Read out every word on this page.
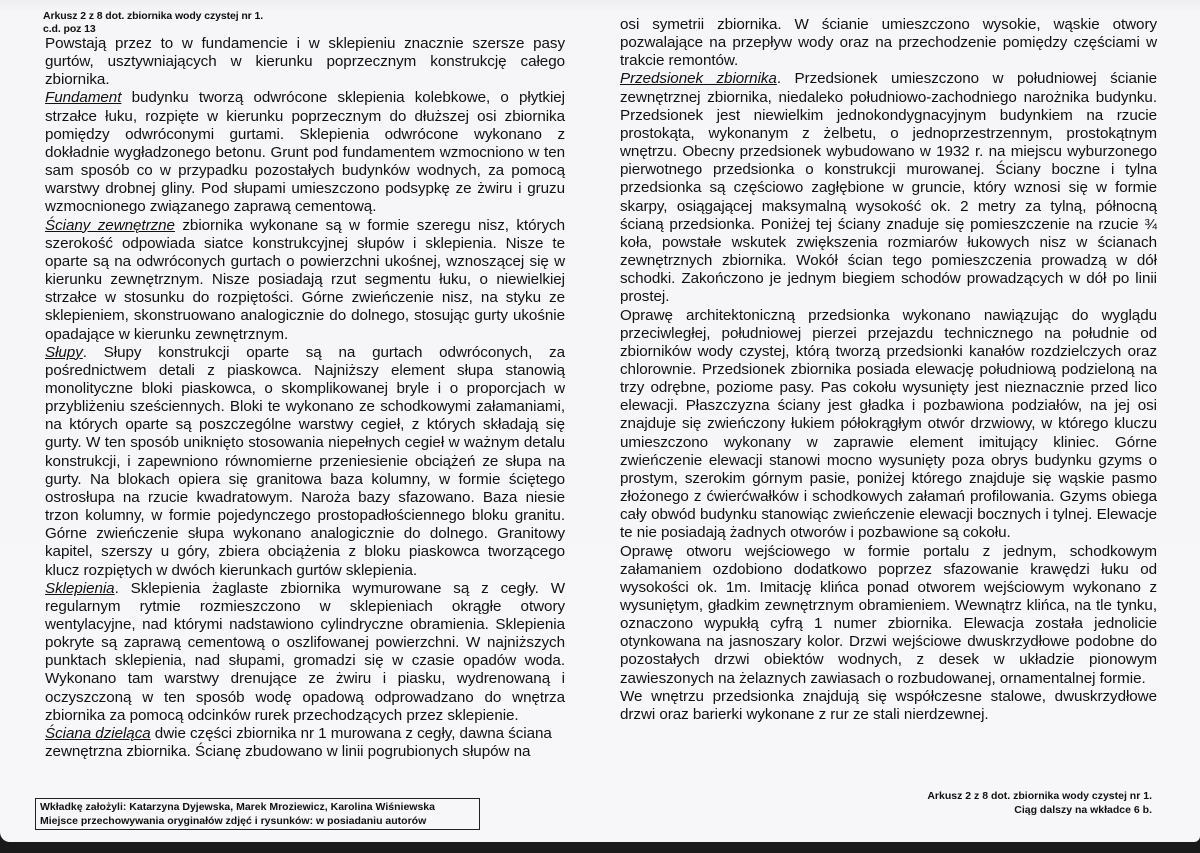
Arkusz 2 z 8 dot. zbiornika wody czystej nr 1.
c.d. poz 13

Powstają przez to w fundamencie i w sklepieniu znacznie szersze pasy gurtów, usztywniających w kierunku poprzecznym konstrukcję całego zbiornika.

Fundament budynku tworzą odwrócone sklepienia kolebkowe, o płytkiej strzałce łuku, rozpięte w kierunku poprzecznym do dłuższej osi zbiornika pomiędzy odwróconymi gurtami. Sklepienia odwrócone wykonano z dokładnie wygładzonego betonu. Grunt pod fundamentem wzmocniono w ten sam sposób co w przypadku pozostałych budynków wodnych, za pomocą warstwy drobnej gliny. Pod słupami umieszczono podsypkę ze żwiru i gruzu wzmocnionego związanego zaprawą cementową.

Ściany zewnętrzne zbiornika wykonane są w formie szeregu nisz, których szerokość odpowiada siatce konstrukcyjnej słupów i sklepienia. Nisze te oparte są na odwróconych gurtach o powierzchni ukośnej, wznoszącej się w kierunku zewnętrznym. Nisze posiadają rzut segmentu łuku, o niewielkiej strzałce w stosunku do rozpiętości. Górne zwieńczenie nisz, na styku ze sklepieniem, skonstruowano analogicznie do dolnego, stosując gurty ukośnie opadające w kierunku zewnętrznym.

Słupy. Słupy konstrukcji oparte są na gurtach odwróconych, za pośrednictwem detali z piaskowca. Najniższy element słupa stanowią monolityczne bloki piaskowca, o skomplikowanej bryle i o proporcjach w przybliżeniu sześciennych. Bloki te wykonano ze schodkowymi załamaniami, na których oparte są poszczególne warstwy cegieł, z których składają się gurty. W ten sposób uniknięto stosowania niepełnych cegieł w ważnym detalu konstrukcji, i zapewniono równomierne przeniesienie obciążeń ze słupa na gurty. Na blokach opiera się granitowa baza kolumny, w formie ściętego ostrosłupa na rzucie kwadratowym. Naroża bazy sfazowano. Baza niesie trzon kolumny, w formie pojedynczego prostopadłościennego bloku granitu. Górne zwieńczenie słupa wykonano analogicznie do dolnego. Granitowy kapitel, szerszy u góry, zbiera obciążenia z bloku piaskowca tworzącego klucz rozpiętych w dwóch kierunkach gurtów sklepienia.

Sklepienia. Sklepienia żaglaste zbiornika wymurowane są z cegły. W regularnym rytmie rozmieszczono w sklepieniach okrągłe otwory wentylacyjne, nad którymi nadstawiono cylindryczne obramienia. Sklepienia pokryte są zaprawą cementową o oszlifowanej powierzchni. W najniższych punktach sklepienia, nad słupami, gromadzi się w czasie opadów woda. Wykonano tam warstwy drenujące ze żwiru i piasku, wydrenowaną i oczyszczoną w ten sposób wodę opadową odprowadzano do wnętrza zbiornika za pomocą odcinków rurek przechodzących przez sklepienie.

Ściana dzieląca dwie części zbiornika nr 1 murowana z cegły, dawna ściana zewnętrzna zbiornika. Ścianę zbudowano w linii pogrubionych słupów na

osi symetrii zbiornika. W ścianie umieszczono wysokie, wąskie otwory pozwalające na przepływ wody oraz na przechodzenie pomiędzy częściami w trakcie remontów.

Przedsionek zbiornika. Przedsionek umieszczono w południowej ścianie zewnętrznej zbiornika, niedaleko południowo-zachodniego narożnika budynku. Przedsionek jest niewielkim jednokondygnacyjnym budynkiem na rzucie prostokąta, wykonanym z żelbetu, o jednoprzestrzennym, prostokątnym wnętrzu. Obecny przedsionek wybudowano w 1932 r. na miejscu wyburzonego pierwotnego przedsionka o konstrukcji murowanej. Ściany boczne i tylna przedsionka są częściowo zagłębione w gruncie, który wznosi się w formie skarpy, osiągającej maksymalną wysokość ok. 2 metry za tylną, północną ścianą przedsionka. Poniżej tej ściany znaduje się pomieszczenie na rzucie ¾ koła, powstałe wskutek zwiększenia rozmiarów łukowych nisz w ścianach zewnętrznych zbiornika. Wokół ścian tego pomieszczenia prowadzą w dół schodki. Zakończono je jednym biegiem schodów prowadzących w dół po linii prostej.

Oprawę architektoniczną przedsionka wykonano nawiązując do wyglądu przeciwległej, południowej pierzei przejazdu technicznego na południe od zbiorników wody czystej, którą tworzą przedsionki kanałów rozdzielczych oraz chlorownie. Przedsionek zbiornika posiada elewację południową podzieloną na trzy odrębne, poziome pasy. Pas cokołu wysunięty jest nieznacznie przed lico elewacji. Płaszczyzna ściany jest gładka i pozbawiona podziałów, na jej osi znajduje się zwieńczony łukiem półokrągłym otwór drzwiowy, w którego kluczu umieszczono wykonany w zaprawie element imitujący kliniec. Górne zwieńczenie elewacji stanowi mocno wysunięty poza obrys budynku gzyms o prostym, szerokim górnym pasie, poniżej którego znajduje się wąskie pasmo złożonego z ćwierćwałków i schodkowych załamań profilowania. Gzyms obiega cały obwód budynku stanowiąc zwieńczenie elewacji bocznych i tylnej. Elewacje te nie posiadają żadnych otworów i pozbawione są cokołu.

Oprawę otworu wejściowego w formie portalu z jednym, schodkowym załamaniem ozdobiono dodatkowo poprzez sfazowanie krawędzi łuku od wysokości ok. 1m. Imitację klińca ponad otworem wejściowym wykonano z wysuniętym, gładkim zewnętrznym obramieniem. Wewnątrz klińca, na tle tynku, oznaczono wypukłą cyfrą 1 numer zbiornika. Elewacja została jednolicie otynkowana na jasnoszary kolor. Drzwi wejściowe dwuskrzydłowe podobne do pozostałych drzwi obiektów wodnych, z desek w układzie pionowym zawieszonych na żelaznych zawiasach o rozbudowanej, ornamentalnej formie.

We wnętrzu przedsionka znajdują się współczesne stalowe, dwuskrzydłowe drzwi oraz barierki wykonane z rur ze stali nierdzewnej.

Wkładkę założyli: Katarzyna Dyjewska, Marek Mroziewicz, Karolina Wiśniewska
Miejsce przechowywania oryginałów zdjęć i rysunków: w posiadaniu autorów
Arkusz 2 z 8 dot. zbiornika wody czystej nr 1.
Ciąg dalszy na wkładce 6 b.
